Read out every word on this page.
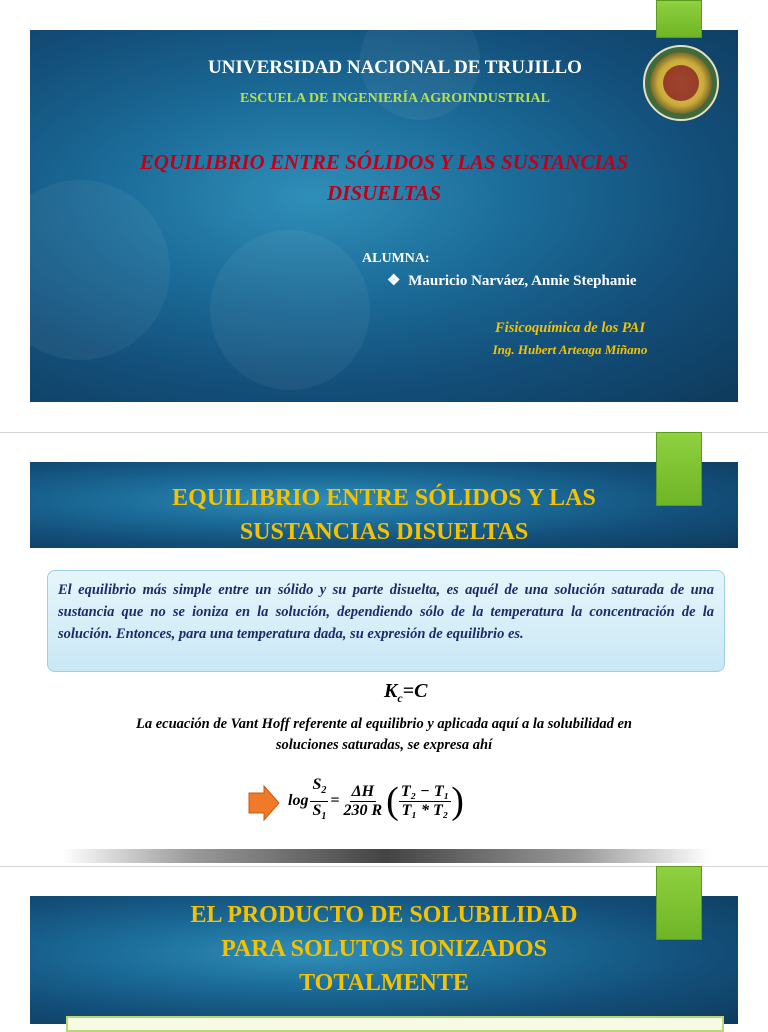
UNIVERSIDAD NACIONAL DE TRUJILLO
ESCUELA DE INGENIERÍA AGROINDUSTRIAL
EQUILIBRIO ENTRE SÓLIDOS Y LAS SUSTANCIAS
DISUELTAS
ALUMNA:
❖ Mauricio Narváez, Annie Stephanie
Fisicoquímica de los PAI
Ing. Hubert Arteaga Miñano
EQUILIBRIO ENTRE SÓLIDOS Y LAS
SUSTANCIAS DISUELTAS
El equilibrio más simple entre un sólido y su parte disuelta, es aquél de una solución saturada de una sustancia que no se ioniza en la solución, dependiendo sólo de la temperatura la concentración de la solución. Entonces, para una temperatura dada, su expresión de equilibrio es.
$K_c=C$
La ecuación de Vant Hoff referente al equilibrio y aplicada aquí a la solubilidad en
soluciones saturadas, se expresa ahí
$\log \frac{S_2}{S_1} = \frac{\Delta H}{230 R}$ ( $\frac{\text{T₂ − T₁}}{\text{T₁ * T₂}}$ )
EL PRODUCTO DE SOLUBILIDAD
PARA SOLUTOS IONIZADOS
TOTALMENTE
